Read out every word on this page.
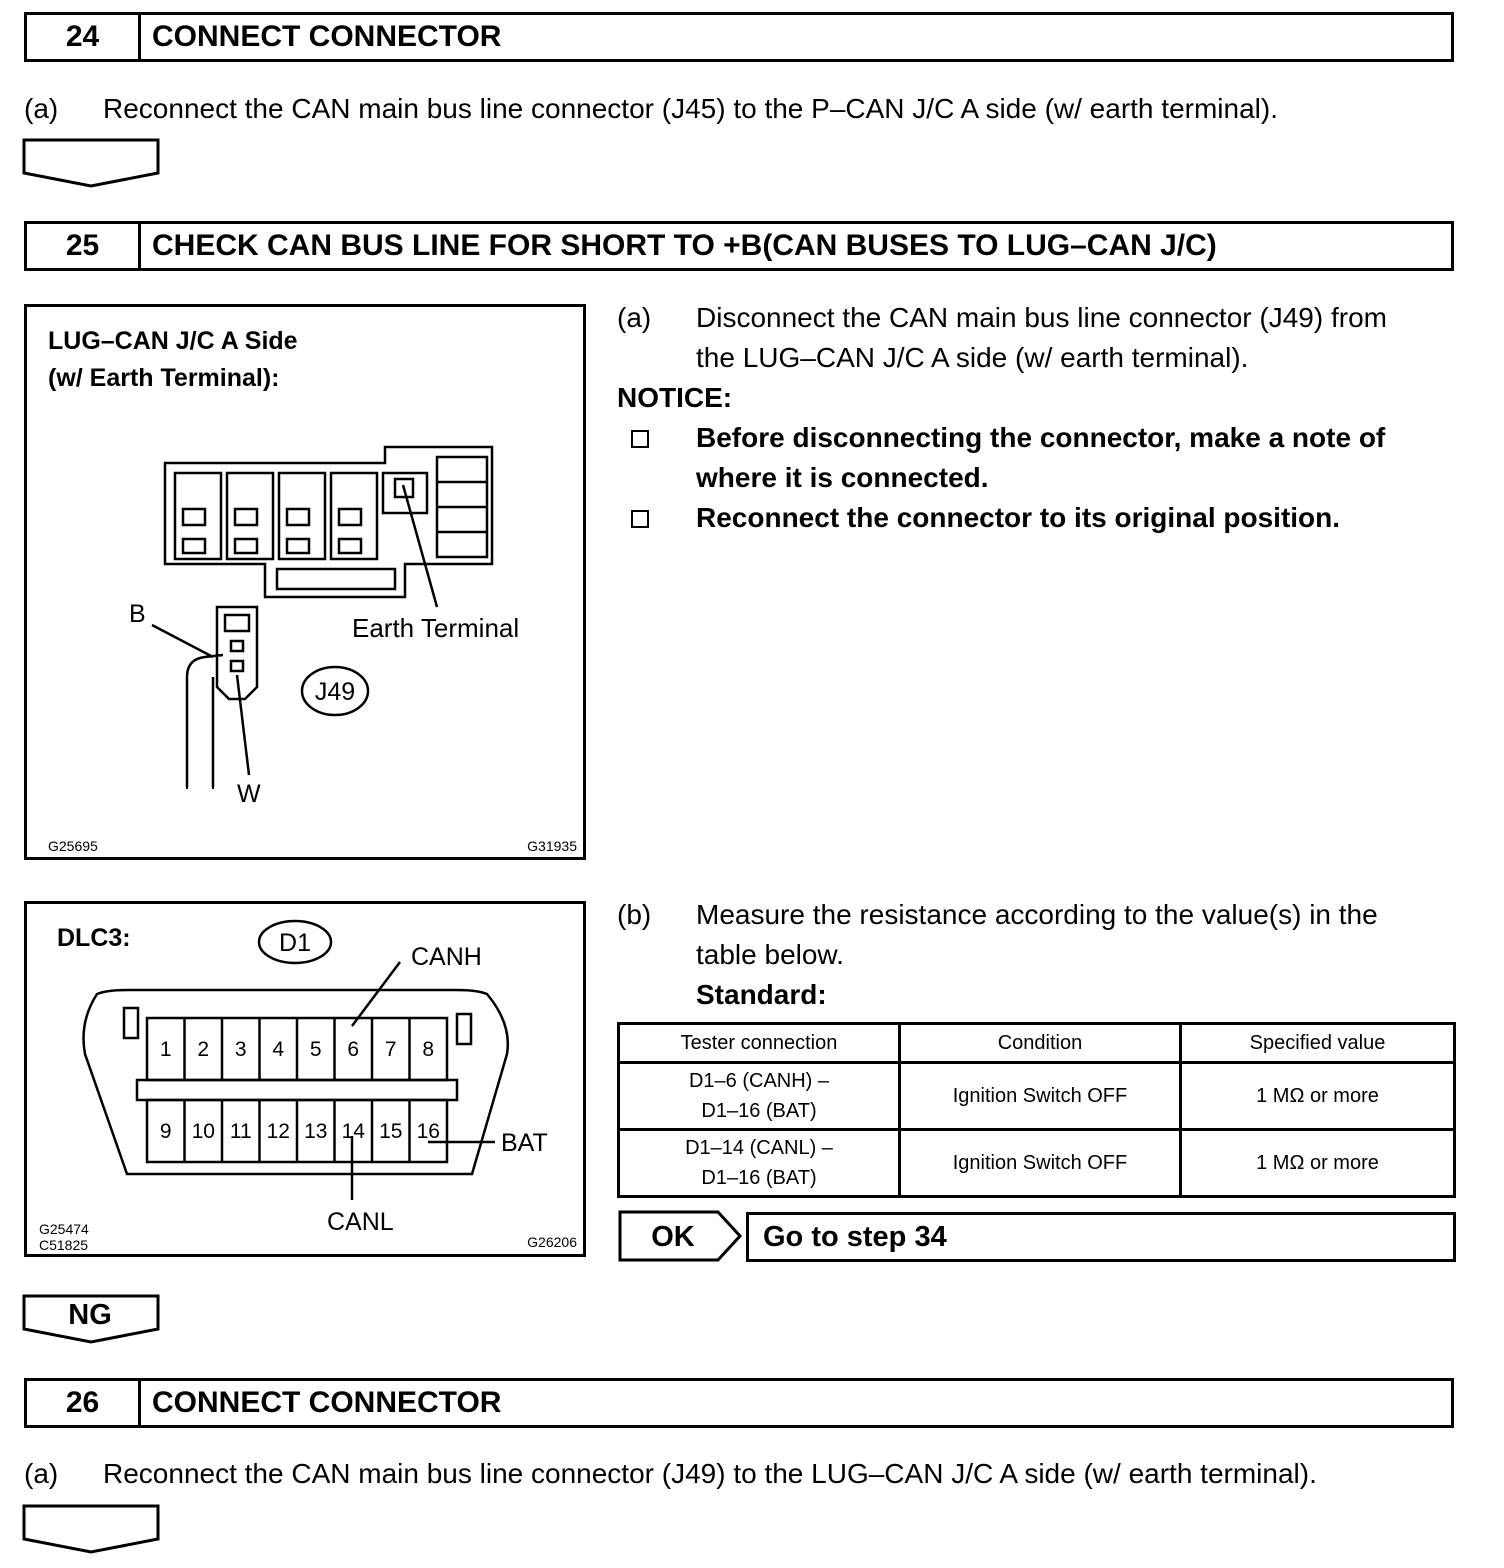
24	CONNECT CONNECTOR
(a) Reconnect the CAN main bus line connector (J45) to the P–CAN J/C A side (w/ earth terminal).
25	CHECK CAN BUS LINE FOR SHORT TO +B(CAN BUSES TO LUG–CAN J/C)
LUG–CAN J/C A Side
(w/ Earth Terminal):
B
W
Earth Terminal
J49
G25695	G31935
(a) Disconnect the CAN main bus line connector (J49) from
the LUG–CAN J/C A side (w/ earth terminal).
NOTICE:
Before disconnecting the connector, make a note of
where it is connected.
Reconnect the connector to its original position.
DLC3:	D1	CANH
BAT
CANL
1 2 3 4 5 6 7 8
9 10 11 12 13 14 15 16
G25474
C51825	G26206
(b) Measure the resistance according to the value(s) in the
table below.
Standard:
Tester connection	Condition	Specified value

D1–6 (CANH) –
D1–16 (BAT)	Ignition Switch OFF	1 MΩ or more

D1–14 (CANL) –
D1–16 (BAT)	Ignition Switch OFF	1 MΩ or more
OK	Go to step 34
NG
26	CONNECT CONNECTOR
(a) Reconnect the CAN main bus line connector (J49) to the LUG–CAN J/C A side (w/ earth terminal).
